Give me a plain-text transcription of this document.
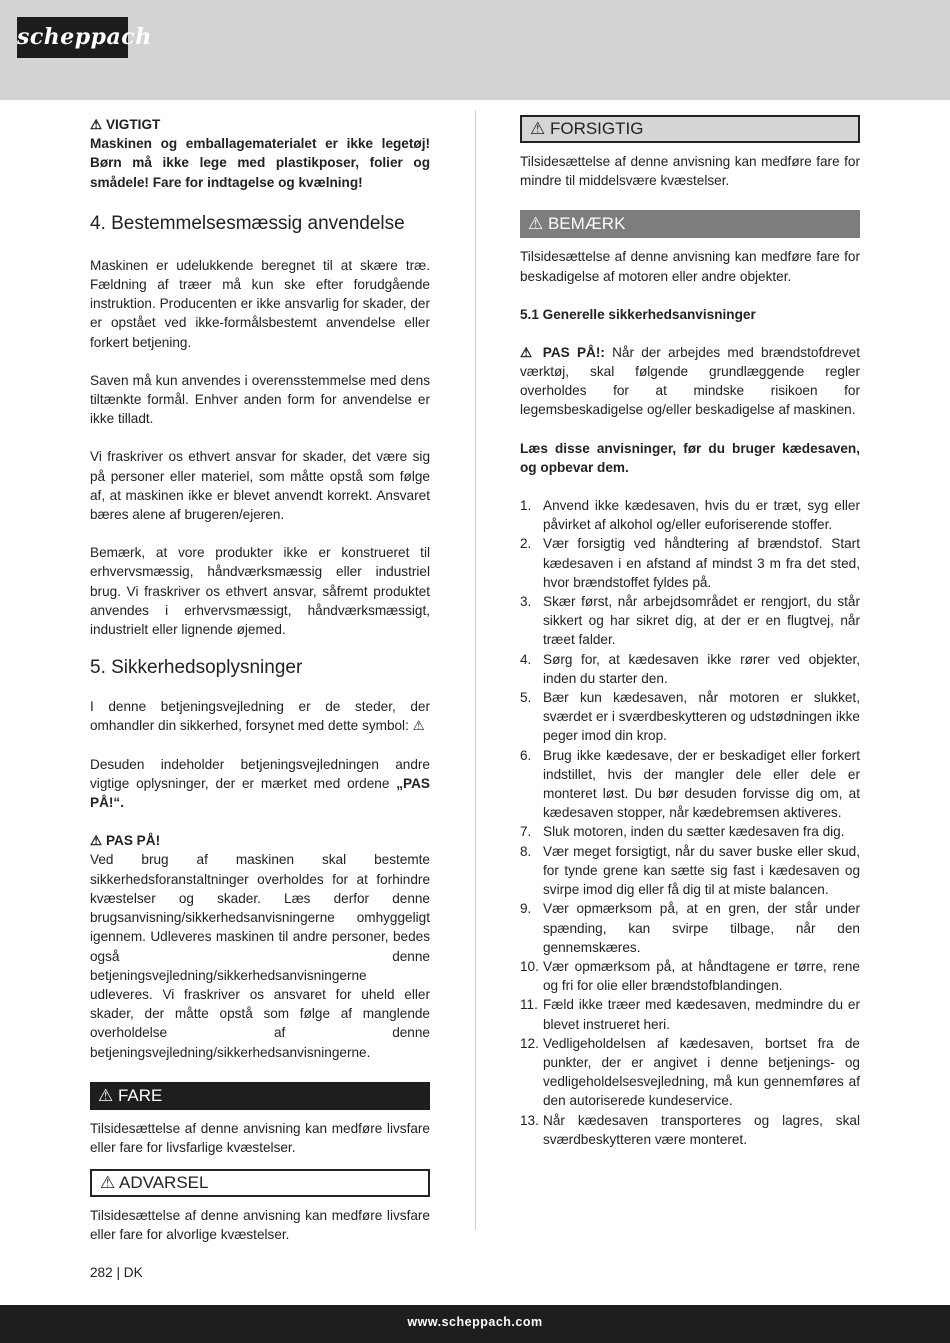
scheppach

⚠ VIGTIGT

Maskinen og emballagematerialet er ikke legetøj! Børn må ikke lege med plastikposer, folier og smådele! Fare for indtagelse og kvælning!

4. Bestemmelsesmæssig anvendelse

Maskinen er udelukkende beregnet til at skære træ. Fældning af træer må kun ske efter forudgående instruktion. Producenten er ikke ansvarlig for skader, der er opstået ved ikke-formålsbestemt anvendelse eller forkert betjening.

Saven må kun anvendes i overensstemmelse med dens tiltænkte formål. Enhver anden form for anvendelse er ikke tilladt.

Vi fraskriver os ethvert ansvar for skader, det være sig på personer eller materiel, som måtte opstå som følge af, at maskinen ikke er blevet anvendt korrekt. Ansvaret bæres alene af brugeren/ejeren.

Bemærk, at vore produkter ikke er konstrueret til erhvervsmæssig, håndværksmæssig eller industriel brug. Vi fraskriver os ethvert ansvar, såfremt produktet anvendes i erhvervsmæssigt, håndværksmæssigt, industrielt eller lignende øjemed.

5. Sikkerhedsoplysninger

I denne betjeningsvejledning er de steder, der omhandler din sikkerhed, forsynet med dette symbol: ⚠

Desuden indeholder betjeningsvejledningen andre vigtige oplysninger, der er mærket med ordene „PAS PÅ!“.

⚠ PAS PÅ!

Ved brug af maskinen skal bestemte sikkerhedsforanstaltninger overholdes for at forhindre kvæstelser og skader. Læs derfor denne brugsanvisning/sikkerhedsanvisningerne omhyggeligt igennem. Udleveres maskinen til andre personer, bedes også denne betjeningsvejledning/sikkerhedsanvisningerne udleveres. Vi fraskriver os ansvaret for uheld eller skader, der måtte opstå som følge af manglende overholdelse af denne betjeningsvejledning/sikkerhedsanvisningerne.

⚠ FARE

Tilsidesættelse af denne anvisning kan medføre livsfare eller fare for livsfarlige kvæstelser.

⚠ ADVARSEL

Tilsidesættelse af denne anvisning kan medføre livsfare eller fare for alvorlige kvæstelser.

⚠ FORSIGTIG

Tilsidesættelse af denne anvisning kan medføre fare for mindre til middelsvære kvæstelser.

⚠ BEMÆRK

Tilsidesættelse af denne anvisning kan medføre fare for beskadigelse af motoren eller andre objekter.

5.1 Generelle sikkerhedsanvisninger

⚠ PAS PÅ!: Når der arbejdes med brændstofdrevet værktøj, skal følgende grundlæggende regler overholdes for at mindske risikoen for legemsbeskadigelse og/eller beskadigelse af maskinen.

Læs disse anvisninger, før du bruger kædesaven, og opbevar dem.

1. Anvend ikke kædesaven, hvis du er træt, syg eller påvirket af alkohol og/eller euforiserende stoffer.
2. Vær forsigtig ved håndtering af brændstof. Start kædesaven i en afstand af mindst 3 m fra det sted, hvor brændstoffet fyldes på.
3. Skær først, når arbejdsområdet er rengjort, du står sikkert og har sikret dig, at der er en flugtvej, når træet falder.
4. Sørg for, at kædesaven ikke rører ved objekter, inden du starter den.
5. Bær kun kædesaven, når motoren er slukket, sværdet er i sværdbeskytteren og udstødningen ikke peger imod din krop.
6. Brug ikke kædesave, der er beskadiget eller forkert indstillet, hvis der mangler dele eller dele er monteret løst. Du bør desuden forvisse dig om, at kædesaven stopper, når kædebremsen aktiveres.
7. Sluk motoren, inden du sætter kædesaven fra dig.
8. Vær meget forsigtigt, når du saver buske eller skud, for tynde grene kan sætte sig fast i kædesaven og svirpe imod dig eller få dig til at miste balancen.
9. Vær opmærksom på, at en gren, der står under spænding, kan svirpe tilbage, når den gennemskæres.
10. Vær opmærksom på, at håndtagene er tørre, rene og fri for olie eller brændstofblandingen.
11. Fæld ikke træer med kædesaven, medmindre du er blevet instrueret heri.
12. Vedligeholdelsen af kædesaven, bortset fra de punkter, der er angivet i denne betjenings- og vedligeholdelsesvejledning, må kun gennemføres af den autoriserede kundeservice.
13. Når kædesaven transporteres og lagres, skal sværdbeskytteren være monteret.
282 | DK
www.scheppach.com
